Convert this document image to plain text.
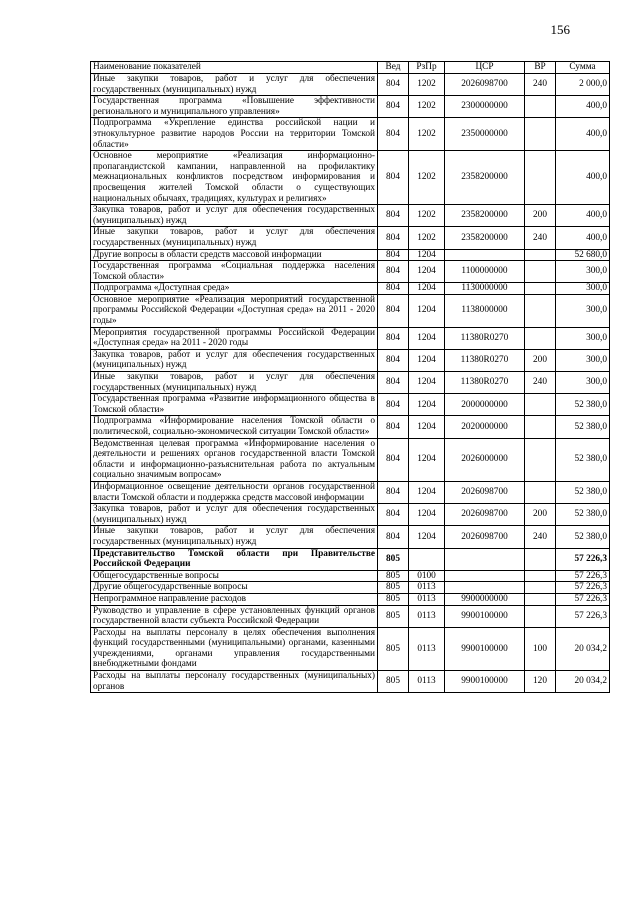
156
Наименование показателей	Вед	РзПр	ЦСР	ВР	Сумма
Иные закупки товаров, работ и услуг для обеспечения государственных (муниципальных) нужд	804	1202	2026098700	240	2 000,0
Государственная программа «Повышение эффективности регионального и муниципального управления»	804	1202	2300000000		400,0
Подпрограмма «Укрепление единства российской нации и этнокультурное развитие народов России на территории Томской области»	804	1202	2350000000		400,0
Основное мероприятие «Реализация информационно-пропагандистской кампании, направленной на профилактику межнациональных конфликтов посредством информирования и просвещения жителей Томской области о существующих национальных обычаях, традициях, культурах и религиях»	804	1202	2358200000		400,0
Закупка товаров, работ и услуг для обеспечения государственных (муниципальных) нужд	804	1202	2358200000	200	400,0
Иные закупки товаров, работ и услуг для обеспечения государственных (муниципальных) нужд	804	1202	2358200000	240	400,0
Другие вопросы в области средств массовой информации	804	1204			52 680,0
Государственная программа «Социальная поддержка населения Томской области»	804	1204	1100000000		300,0
Подпрограмма «Доступная среда»	804	1204	1130000000		300,0
Основное мероприятие «Реализация мероприятий государственной программы Российской Федерации «Доступная среда» на 2011 - 2020 годы»	804	1204	1138000000		300,0
Мероприятия государственной программы Российской Федерации «Доступная среда» на 2011 - 2020 годы	804	1204	11380R0270		300,0
Закупка товаров, работ и услуг для обеспечения государственных (муниципальных) нужд	804	1204	11380R0270	200	300,0
Иные закупки товаров, работ и услуг для обеспечения государственных (муниципальных) нужд	804	1204	11380R0270	240	300,0
Государственная программа «Развитие информационного общества в Томской области»	804	1204	2000000000		52 380,0
Подпрограмма «Информирование населения Томской области о политической, социально-экономической ситуации Томской области»	804	1204	2020000000		52 380,0
Ведомственная целевая программа «Информирование населения о деятельности и решениях органов государственной власти Томской области и информационно-разъяснительная работа по актуальным социально значимым вопросам»	804	1204	2026000000		52 380,0
Информационное освещение деятельности органов государственной власти Томской области и поддержка средств массовой информации	804	1204	2026098700		52 380,0
Закупка товаров, работ и услуг для обеспечения государственных (муниципальных) нужд	804	1204	2026098700	200	52 380,0
Иные закупки товаров, работ и услуг для обеспечения государственных (муниципальных) нужд	804	1204	2026098700	240	52 380,0
Представительство Томской области при Правительстве Российской Федерации	805				57 226,3
Общегосударственные вопросы	805	0100			57 226,3
Другие общегосударственные вопросы	805	0113			57 226,3
Непрограммное направление расходов	805	0113	9900000000		57 226,3
Руководство и управление в сфере установленных функций органов государственной власти субъекта Российской Федерации	805	0113	9900100000		57 226,3
Расходы на выплаты персоналу в целях обеспечения выполнения функций государственными (муниципальными) органами, казенными учреждениями, органами управления государственными внебюджетными фондами	805	0113	9900100000	100	20 034,2
Расходы на выплаты персоналу государственных (муниципальных) органов	805	0113	9900100000	120	20 034,2
